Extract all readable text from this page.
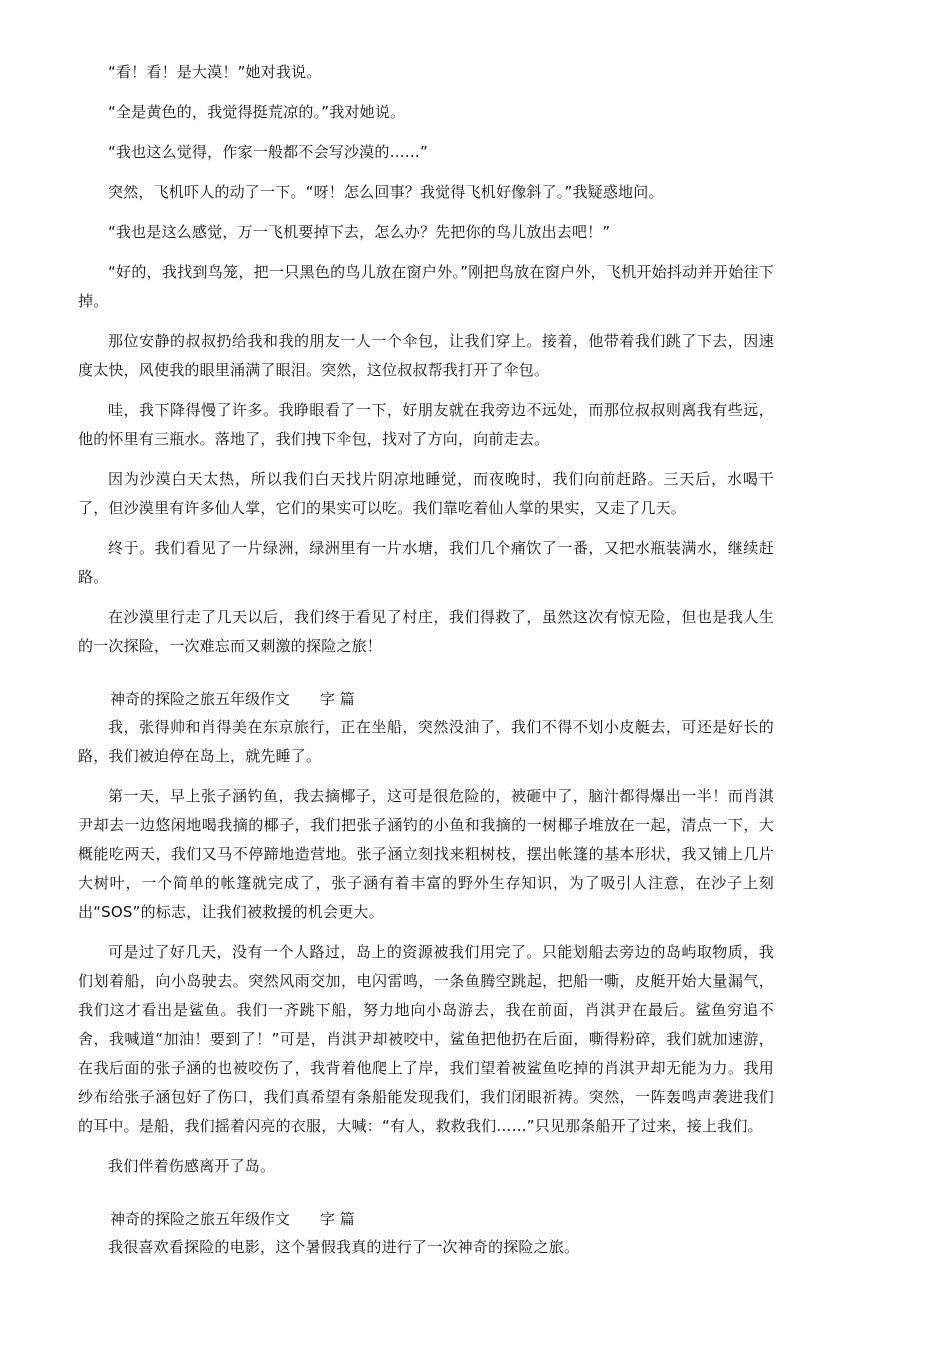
“看！看！是大漠！”她对我说。

“全是黄色的，我觉得挺荒凉的。”我对她说。

“我也这么觉得，作家一般都不会写沙漠的……”

突然，飞机吓人的动了一下。“呀！怎么回事？我觉得飞机好像斜了。”我疑惑地问。

“我也是这么感觉，万一飞机要掉下去，怎么办？先把你的鸟儿放出去吧！”

“好的，我找到鸟笼，把一只黑色的鸟儿放在窗户外。”刚把鸟放在窗户外，飞机开始抖动并开始往下掉。

那位安静的叔叔扔给我和我的朋友一人一个伞包，让我们穿上。接着，他带着我们跳了下去，因速度太快，风使我的眼里涌满了眼泪。突然，这位叔叔帮我打开了伞包。

哇，我下降得慢了许多。我睁眼看了一下，好朋友就在我旁边不远处，而那位叔叔则离我有些远，他的怀里有三瓶水。落地了，我们拽下伞包，找对了方向，向前走去。

因为沙漠白天太热，所以我们白天找片阴凉地睡觉，而夜晚时，我们向前赶路。三天后，水喝干了，但沙漠里有许多仙人掌，它们的果实可以吃。我们靠吃着仙人掌的果实，又走了几天。

终于。我们看见了一片绿洲，绿洲里有一片水塘，我们几个痛饮了一番，又把水瓶装满水，继续赶路。

在沙漠里行走了几天以后，我们终于看见了村庄，我们得救了，虽然这次有惊无险，但也是我人生的一次探险，一次难忘而又刺激的探险之旅！

神奇的探险之旅五年级作文　　字 篇

我，张得帅和肖得美在东京旅行，正在坐船，突然没油了，我们不得不划小皮艇去，可还是好长的路，我们被迫停在岛上，就先睡了。

第一天，早上张子涵钓鱼，我去摘椰子，这可是很危险的，被砸中了，脑汁都得爆出一半！而肖淇尹却去一边悠闲地喝我摘的椰子，我们把张子涵钓的小鱼和我摘的一树椰子堆放在一起，清点一下，大概能吃两天，我们又马不停蹄地造营地。张子涵立刻找来粗树枝，摆出帐篷的基本形状，我又铺上几片大树叶，一个简单的帐篷就完成了，张子涵有着丰富的野外生存知识，为了吸引人注意，在沙子上刻出“SOS”的标志，让我们被救援的机会更大。

可是过了好几天，没有一个人路过，岛上的资源被我们用完了。只能划船去旁边的岛屿取物质，我们划着船，向小岛驶去。突然风雨交加，电闪雷鸣，一条鱼腾空跳起，把船一嘶，皮艇开始大量漏气，我们这才看出是鲨鱼。我们一齐跳下船，努力地向小岛游去，我在前面，肖淇尹在最后。鲨鱼穷追不舍，我喊道“加油！要到了！”可是，肖淇尹却被咬中，鲨鱼把他扔在后面，嘶得粉碎，我们就加速游，在我后面的张子涵的也被咬伤了，我背着他爬上了岸，我们望着被鲨鱼吃掉的肖淇尹却无能为力。我用纱布给张子涵包好了伤口，我们真希望有条船能发现我们，我们闭眼祈祷。突然，一阵轰鸣声袭进我们的耳中。是船，我们摇着闪亮的衣服，大喊：“有人，救救我们……”只见那条船开了过来，接上我们。

我们伴着伤感离开了岛。

神奇的探险之旅五年级作文　　字 篇

我很喜欢看探险的电影，这个暑假我真的进行了一次神奇的探险之旅。
